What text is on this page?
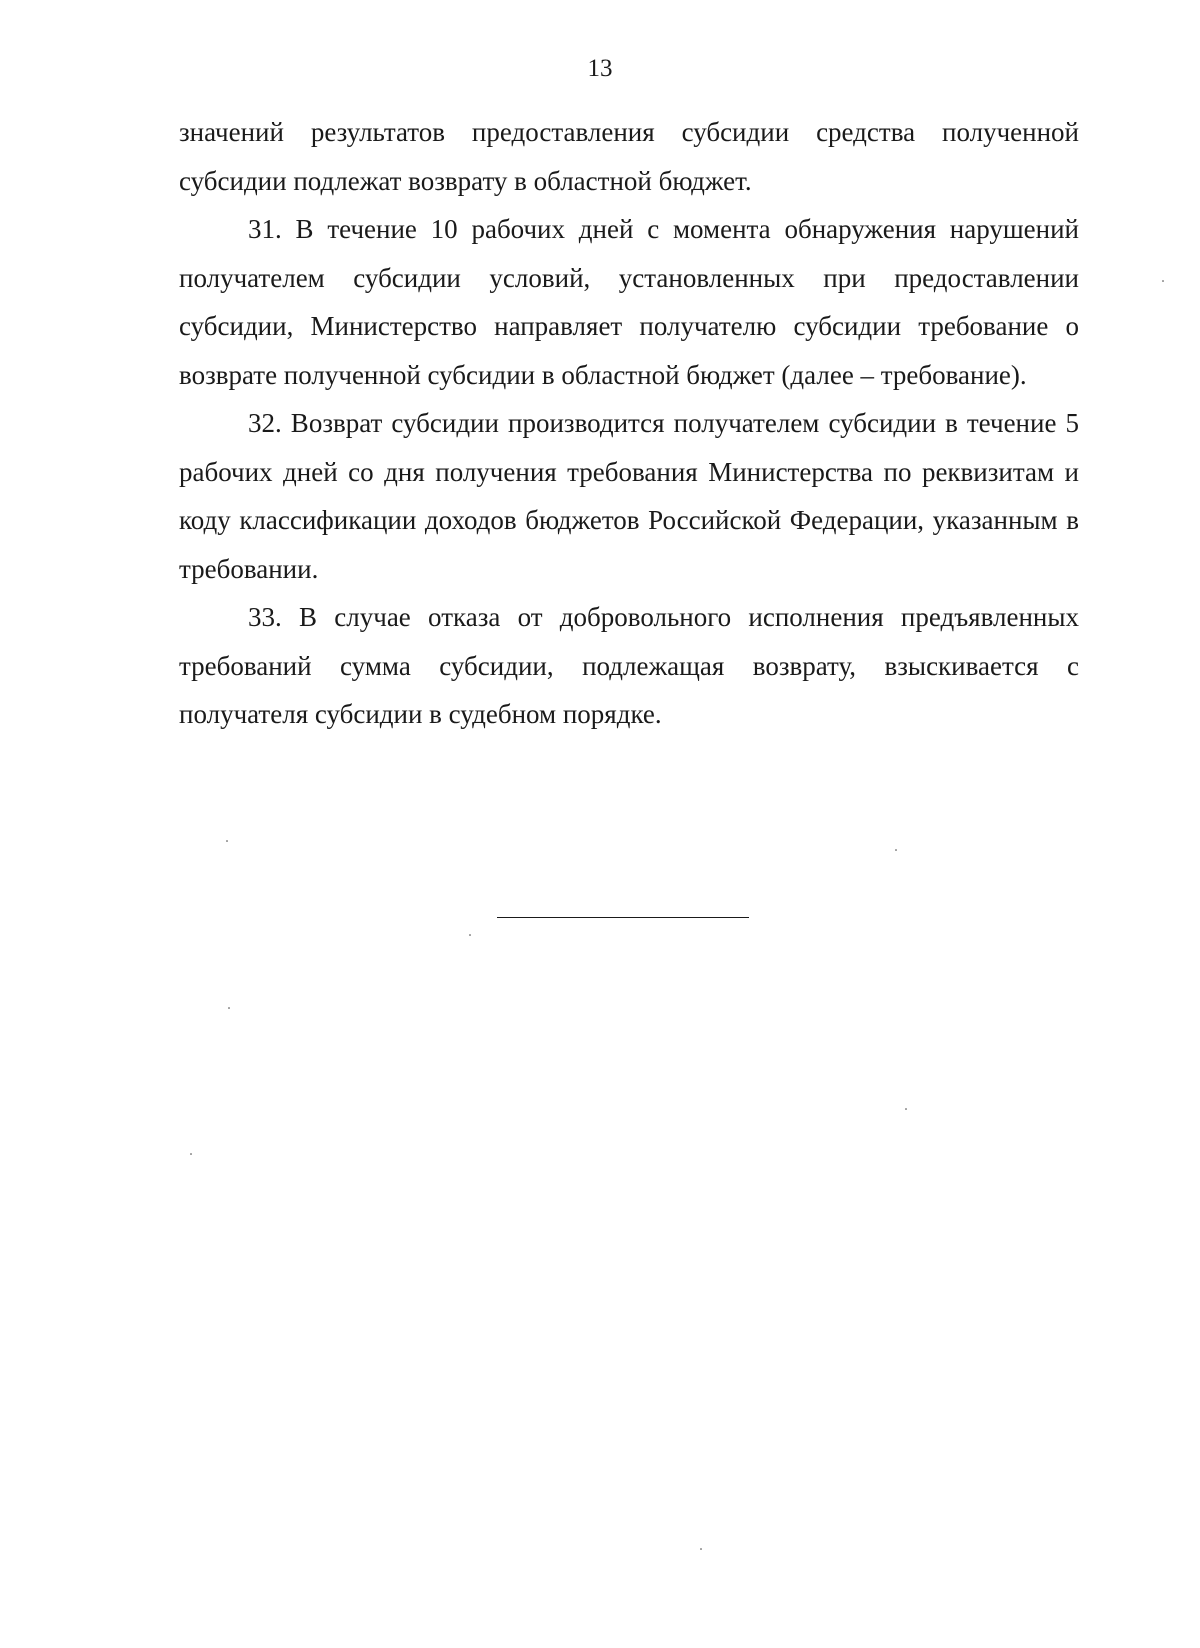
13

значений результатов предоставления субсидии средства полученной субсидии подлежат возврату в областной бюджет.

31. В течение 10 рабочих дней с момента обнаружения нарушений получателем субсидии условий, установленных при предоставлении субсидии, Министерство направляет получателю субсидии требование о возврате полученной субсидии в областной бюджет (далее – требование).

32. Возврат субсидии производится получателем субсидии в течение 5 рабочих дней со дня получения требования Министерства по реквизитам и коду классификации доходов бюджетов Российской Федерации, указанным в требовании.

33. В случае отказа от добровольного исполнения предъявленных требований сумма субсидии, подлежащая возврату, взыскивается с получателя субсидии в судебном порядке.
